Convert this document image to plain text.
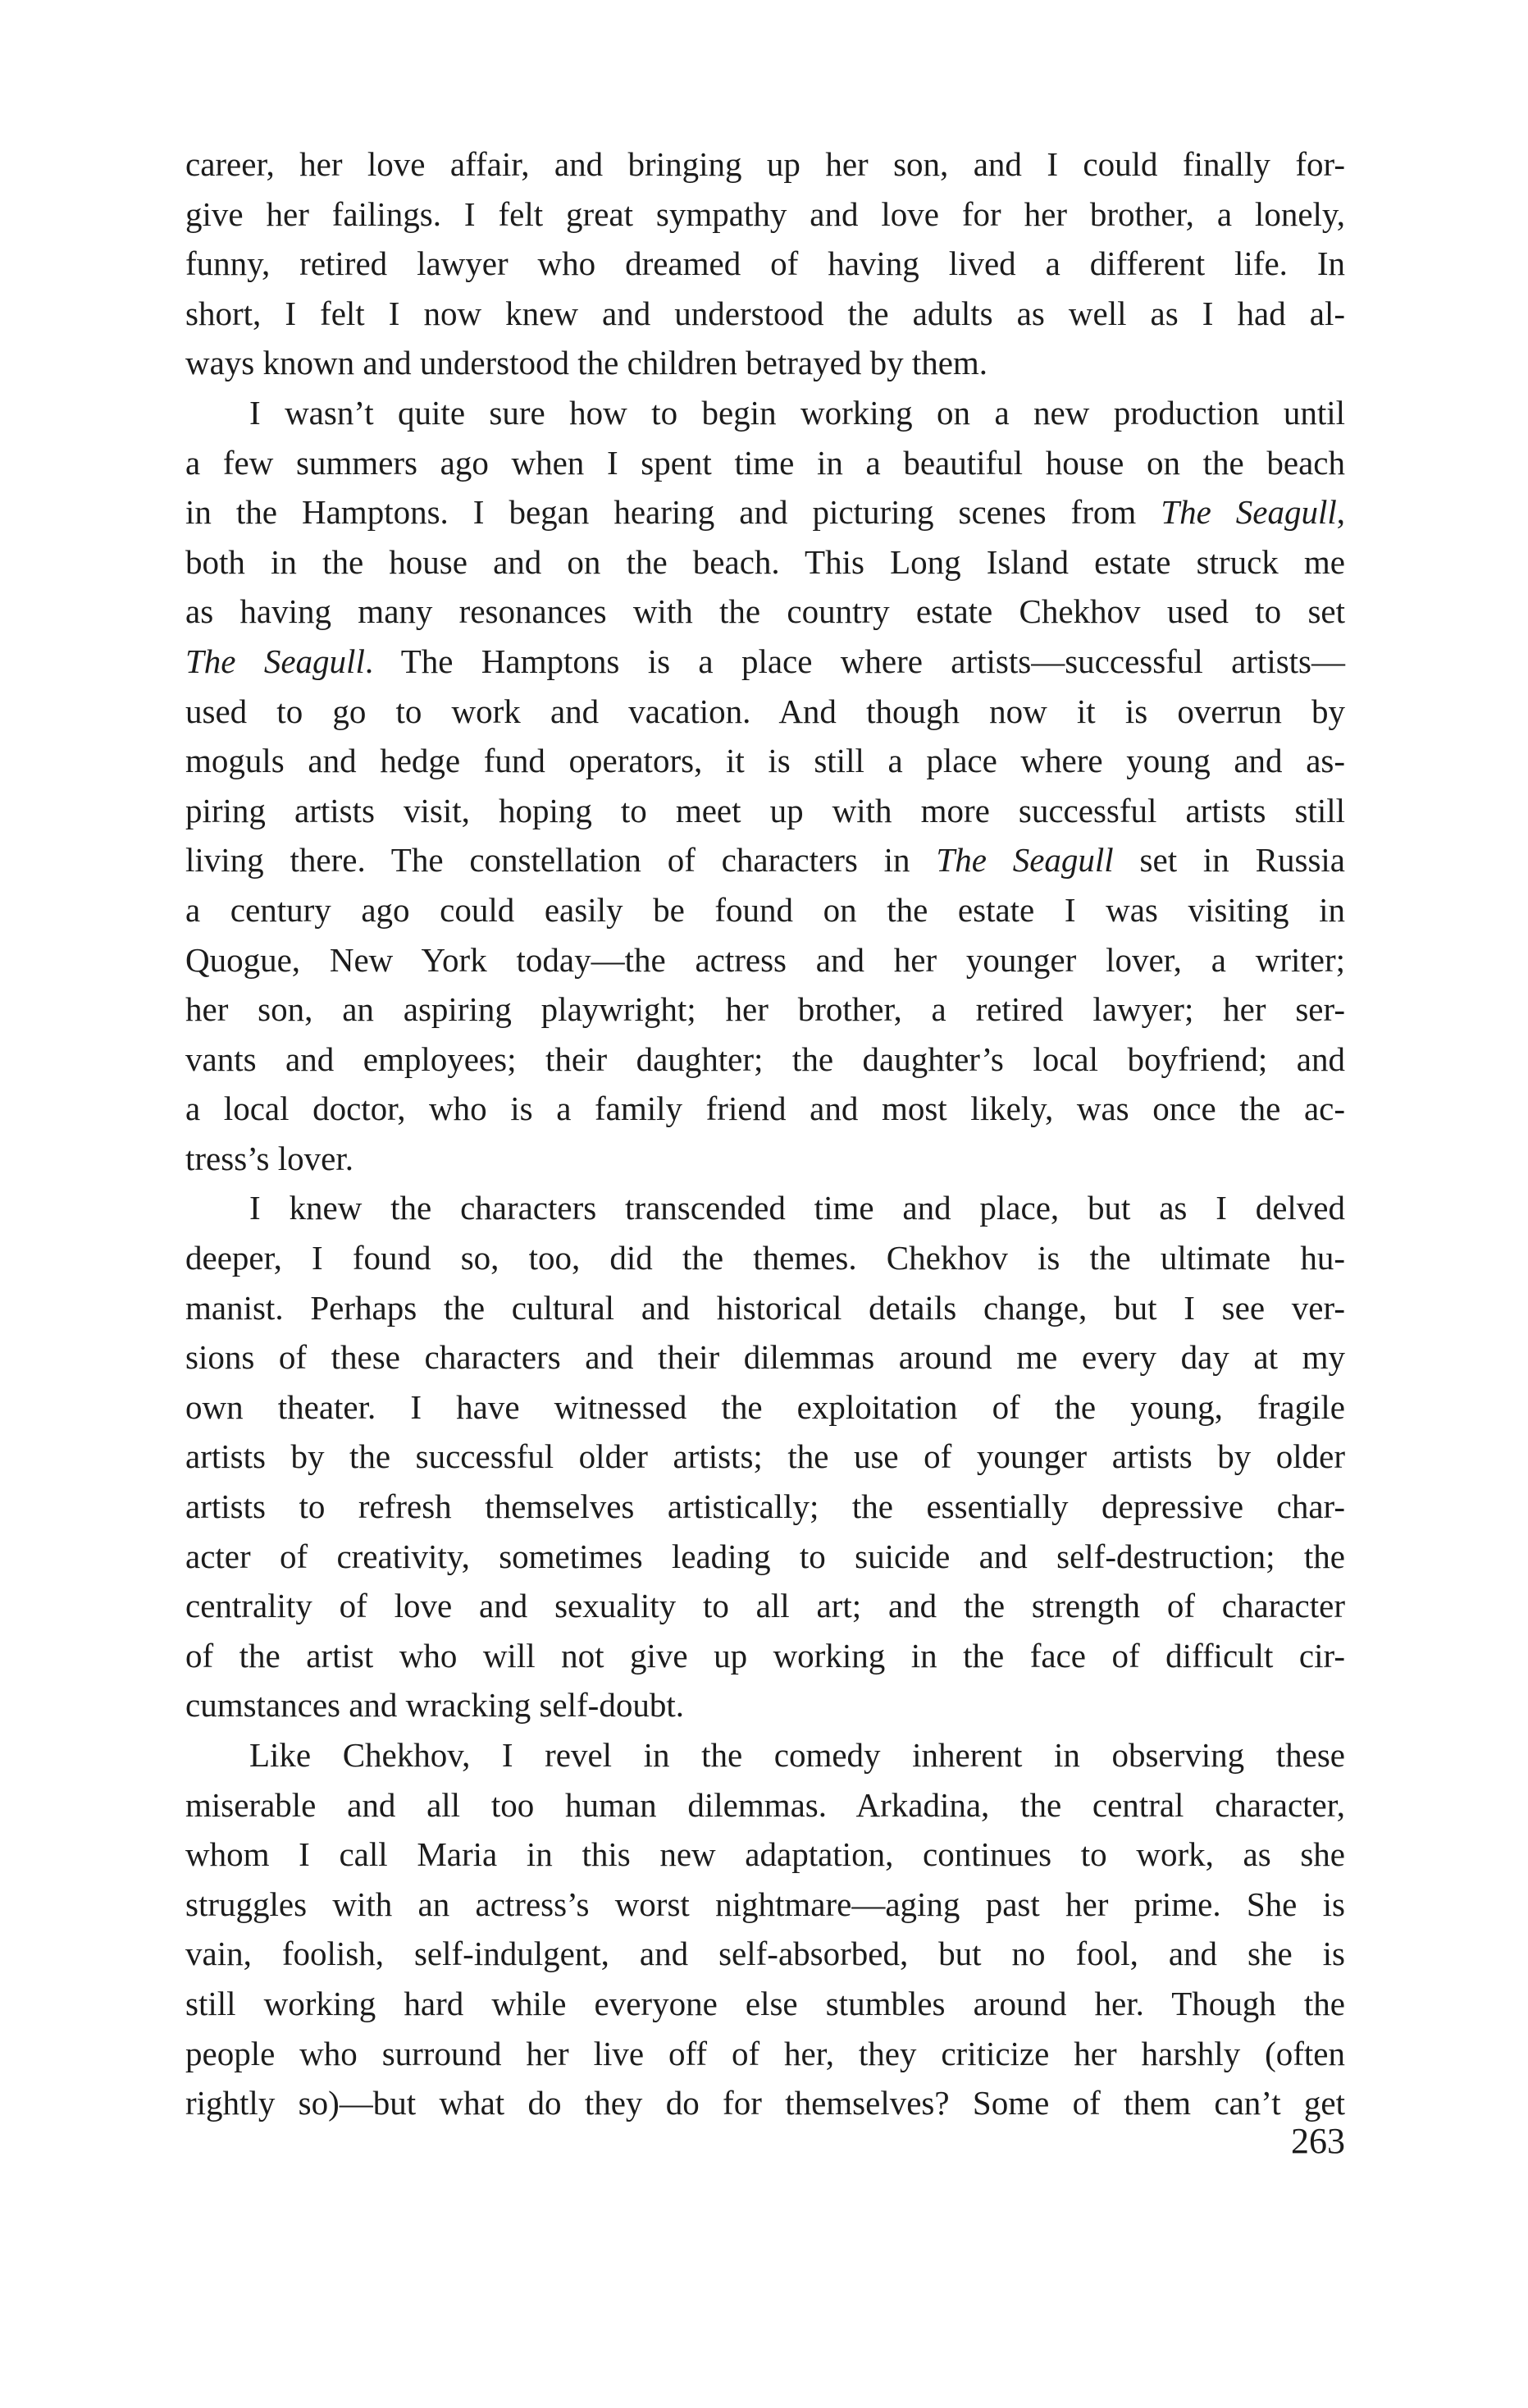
career, her love affair, and bringing up her son, and I could finally for-
give her failings. I felt great sympathy and love for her brother, a lonely,
funny, retired lawyer who dreamed of having lived a different life. In
short, I felt I now knew and understood the adults as well as I had al-
ways known and understood the children betrayed by them.
I wasn’t quite sure how to begin working on a new production until
a few summers ago when I spent time in a beautiful house on the beach
in the Hamptons. I began hearing and picturing scenes from The Seagull,
both in the house and on the beach. This Long Island estate struck me
as having many resonances with the country estate Chekhov used to set
The Seagull. The Hamptons is a place where artists—successful artists—
used to go to work and vacation. And though now it is overrun by
moguls and hedge fund operators, it is still a place where young and as-
piring artists visit, hoping to meet up with more successful artists still
living there. The constellation of characters in The Seagull set in Russia
a century ago could easily be found on the estate I was visiting in
Quogue, New York today—the actress and her younger lover, a writer;
her son, an aspiring playwright; her brother, a retired lawyer; her ser-
vants and employees; their daughter; the daughter’s local boyfriend; and
a local doctor, who is a family friend and most likely, was once the ac-
tress’s lover.
I knew the characters transcended time and place, but as I delved
deeper, I found so, too, did the themes. Chekhov is the ultimate hu-
manist. Perhaps the cultural and historical details change, but I see ver-
sions of these characters and their dilemmas around me every day at my
own theater. I have witnessed the exploitation of the young, fragile
artists by the successful older artists; the use of younger artists by older
artists to refresh themselves artistically; the essentially depressive char-
acter of creativity, sometimes leading to suicide and self-destruction; the
centrality of love and sexuality to all art; and the strength of character
of the artist who will not give up working in the face of difficult cir-
cumstances and wracking self-doubt.
Like Chekhov, I revel in the comedy inherent in observing these
miserable and all too human dilemmas. Arkadina, the central character,
whom I call Maria in this new adaptation, continues to work, as she
struggles with an actress’s worst nightmare—aging past her prime. She is
vain, foolish, self-indulgent, and self-absorbed, but no fool, and she is
still working hard while everyone else stumbles around her. Though the
people who surround her live off of her, they criticize her harshly (often
rightly so)—but what do they do for themselves? Some of them can’t get
263
